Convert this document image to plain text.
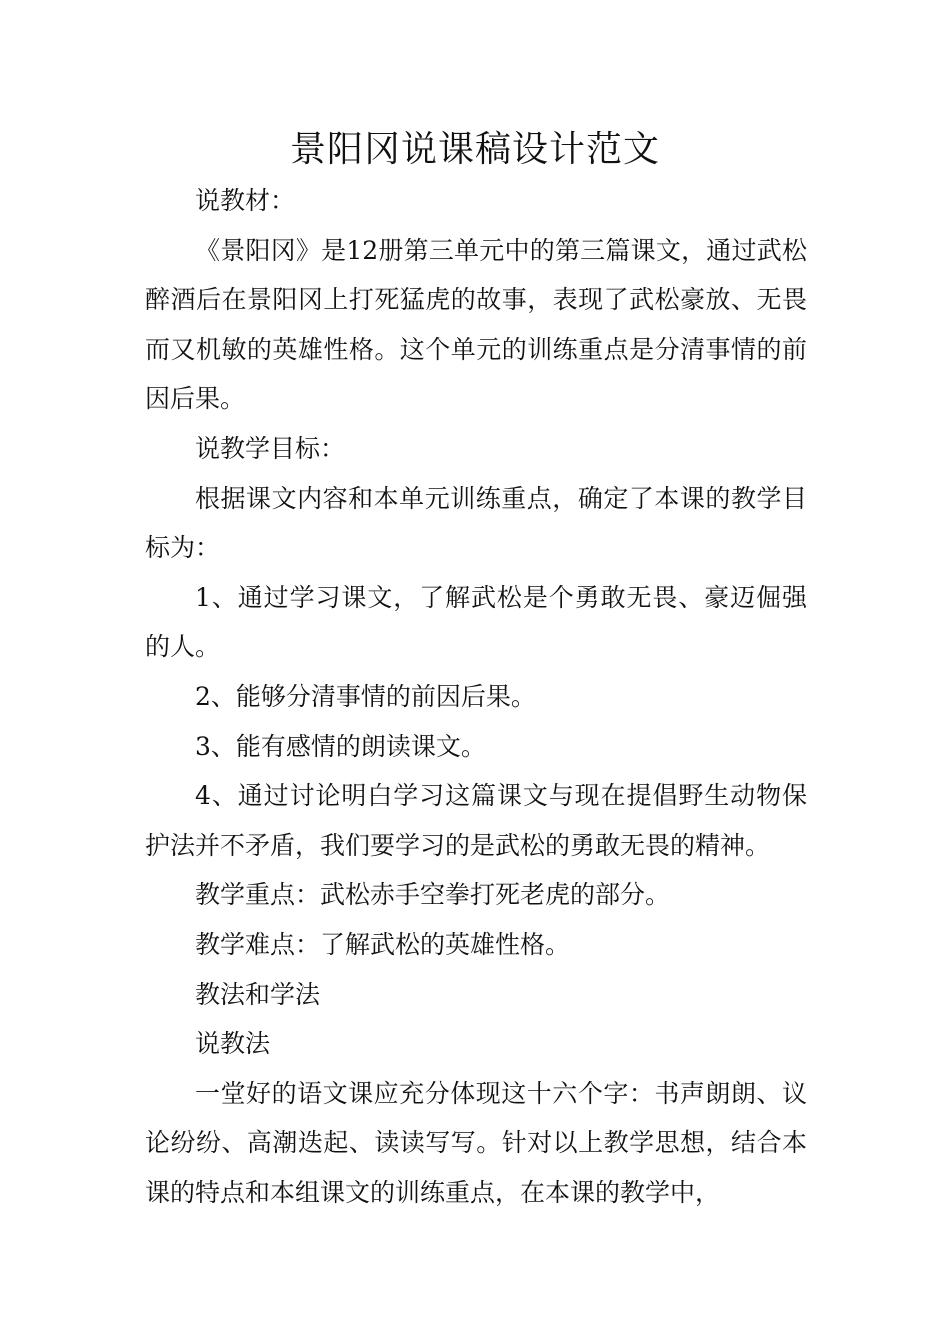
景阳冈说课稿设计范文

说教材：

《景阳冈》是12册第三单元中的第三篇课文，通过武松醉酒后在景阳冈上打死猛虎的故事，表现了武松豪放、无畏而又机敏的英雄性格。这个单元的训练重点是分清事情的前因后果。

说教学目标：

根据课文内容和本单元训练重点，确定了本课的教学目标为：

1、通过学习课文，了解武松是个勇敢无畏、豪迈倔强的人。

2、能够分清事情的前因后果。

3、能有感情的朗读课文。

4、通过讨论明白学习这篇课文与现在提倡野生动物保护法并不矛盾，我们要学习的是武松的勇敢无畏的精神。

教学重点：武松赤手空拳打死老虎的部分。

教学难点：了解武松的英雄性格。

教法和学法

说教法

一堂好的语文课应充分体现这十六个字：书声朗朗、议论纷纷、高潮迭起、读读写写。针对以上教学思想，结合本课的特点和本组课文的训练重点，在本课的教学中，
